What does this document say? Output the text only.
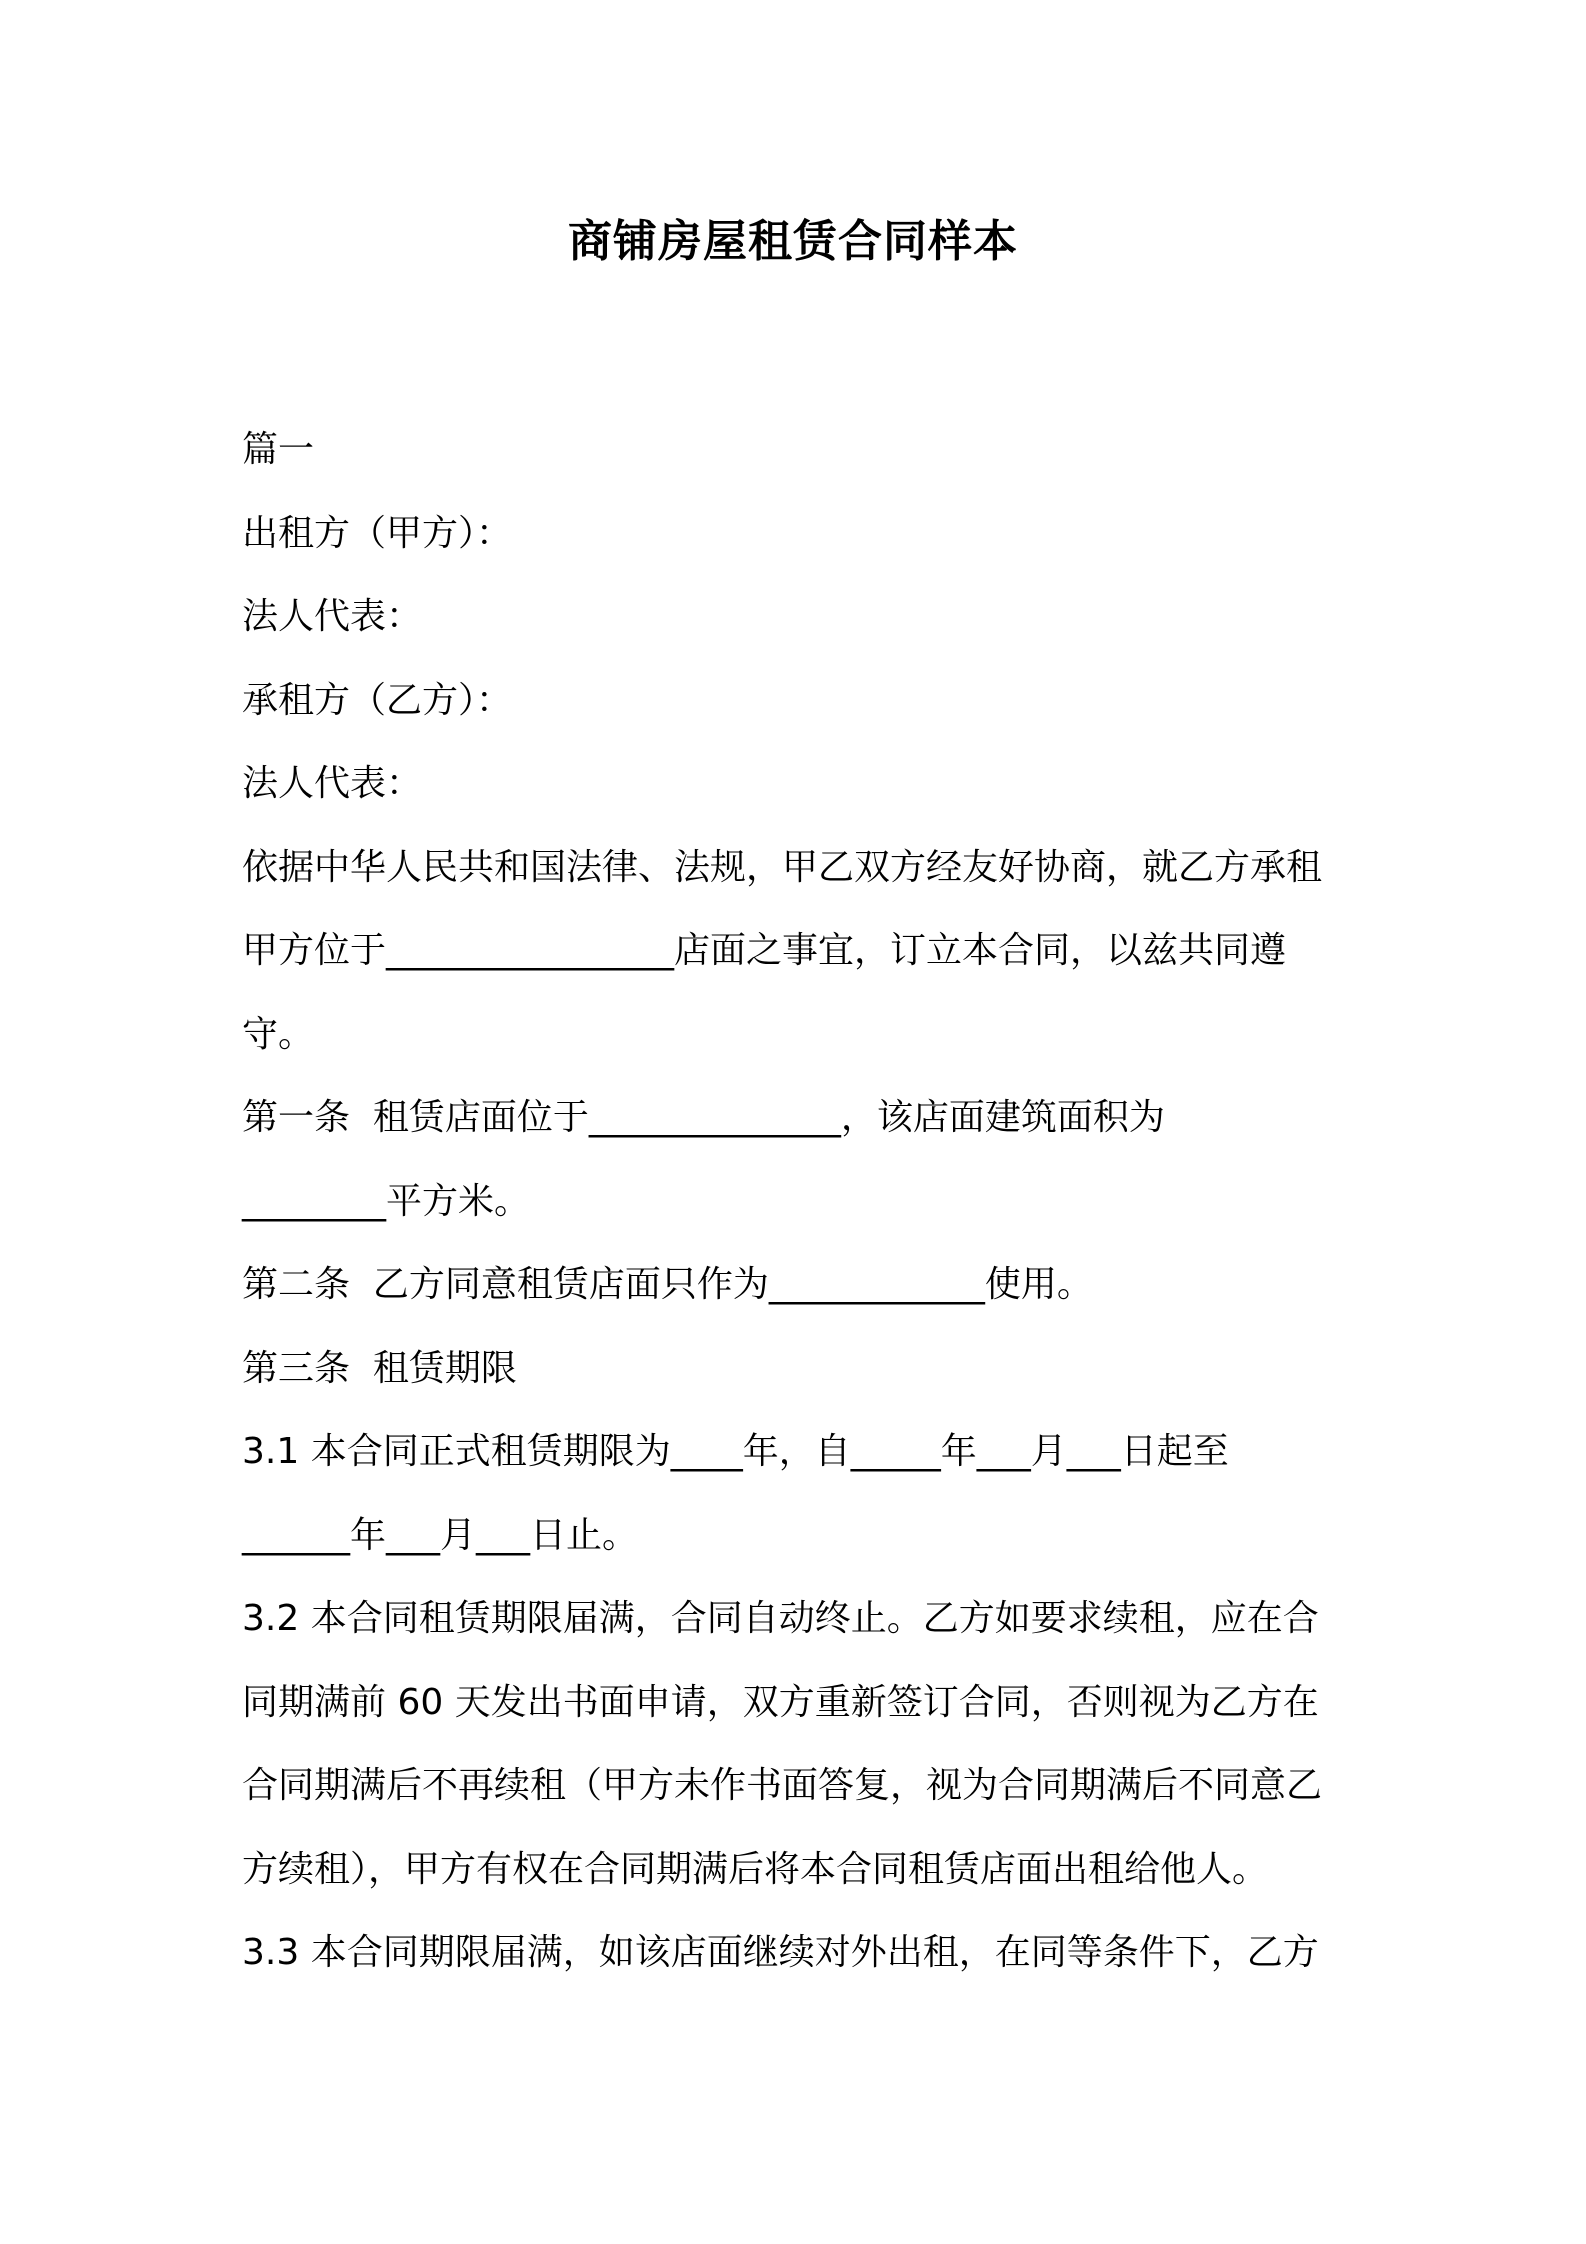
商铺房屋租赁合同样本
篇一
出租方（甲方）：
法人代表：
承租方（乙方）：
法人代表：
依据中华人民共和国法律、法规，甲乙双方经友好协商，就乙方承租
甲方位于________________店面之事宜，订立本合同，以兹共同遵
守。
第一条  租赁店面位于______________，该店面建筑面积为
________平方米。
第二条  乙方同意租赁店面只作为____________使用。
第三条  租赁期限
3.1 本合同正式租赁期限为____年，自_____年___月___日起至
______年___月___日止。
3.2 本合同租赁期限届满，合同自动终止。乙方如要求续租，应在合
同期满前 60 天发出书面申请，双方重新签订合同，否则视为乙方在
合同期满后不再续租（甲方未作书面答复，视为合同期满后不同意乙
方续租），甲方有权在合同期满后将本合同租赁店面出租给他人。
3.3 本合同期限届满，如该店面继续对外出租，在同等条件下，乙方
